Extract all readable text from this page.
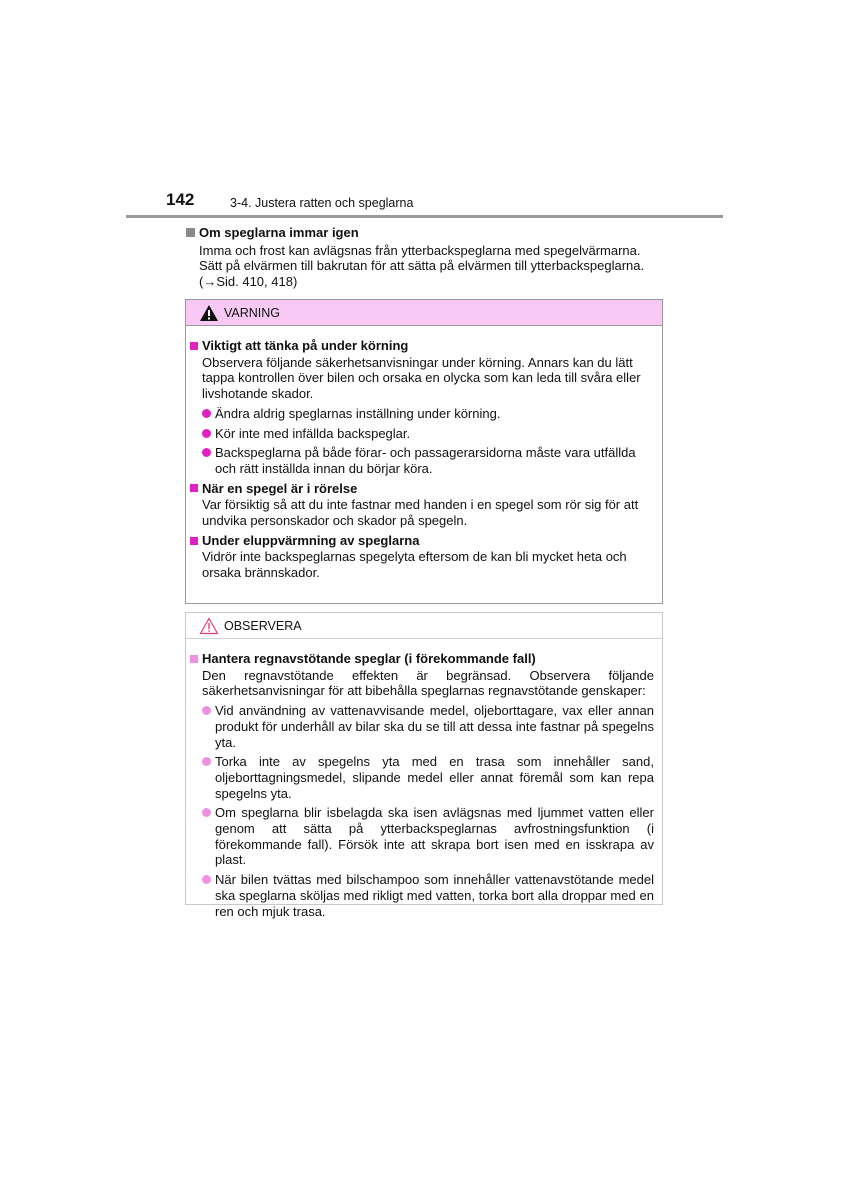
142	3-4. Justera ratten och speglarna
Om speglarna immar igen
Imma och frost kan avlägsnas från ytterbackspeglarna med spegelvärmarna. Sätt på elvärmen till bakrutan för att sätta på elvärmen till ytterbackspeglarna. (→Sid. 410, 418)
VARNING
Viktigt att tänka på under körning
Observera följande säkerhetsanvisningar under körning. Annars kan du lätt tappa kontrollen över bilen och orsaka en olycka som kan leda till svåra eller livshotande skador.
Ändra aldrig speglarnas inställning under körning.
Kör inte med infällda backspeglar.
Backspeglarna på både förar- och passagerarsidorna måste vara utfällda och rätt inställda innan du börjar köra.
När en spegel är i rörelse
Var försiktig så att du inte fastnar med handen i en spegel som rör sig för att undvika personskador och skador på spegeln.
Under eluppvärmning av speglarna
Vidrör inte backspeglarnas spegelyta eftersom de kan bli mycket heta och orsaka brännskador.
OBSERVERA
Hantera regnavstötande speglar (i förekommande fall)
Den regnavstötande effekten är begränsad. Observera följande säkerhetsanvisningar för att bibehålla speglarnas regnavstötande genskaper:
Vid användning av vattenavvisande medel, oljeborttagare, vax eller annan produkt för underhåll av bilar ska du se till att dessa inte fastnar på spegelns yta.
Torka inte av spegelns yta med en trasa som innehåller sand, oljeborttagningsmedel, slipande medel eller annat föremål som kan repa spegelns yta.
Om speglarna blir isbelagda ska isen avlägsnas med ljummet vatten eller genom att sätta på ytterbackspeglarnas avfrostningsfunktion (i förekommande fall). Försök inte att skrapa bort isen med en isskrapa av plast.
När bilen tvättas med bilschampoo som innehåller vattenavstötande medel ska speglarna sköljas med rikligt med vatten, torka bort alla droppar med en ren och mjuk trasa.
